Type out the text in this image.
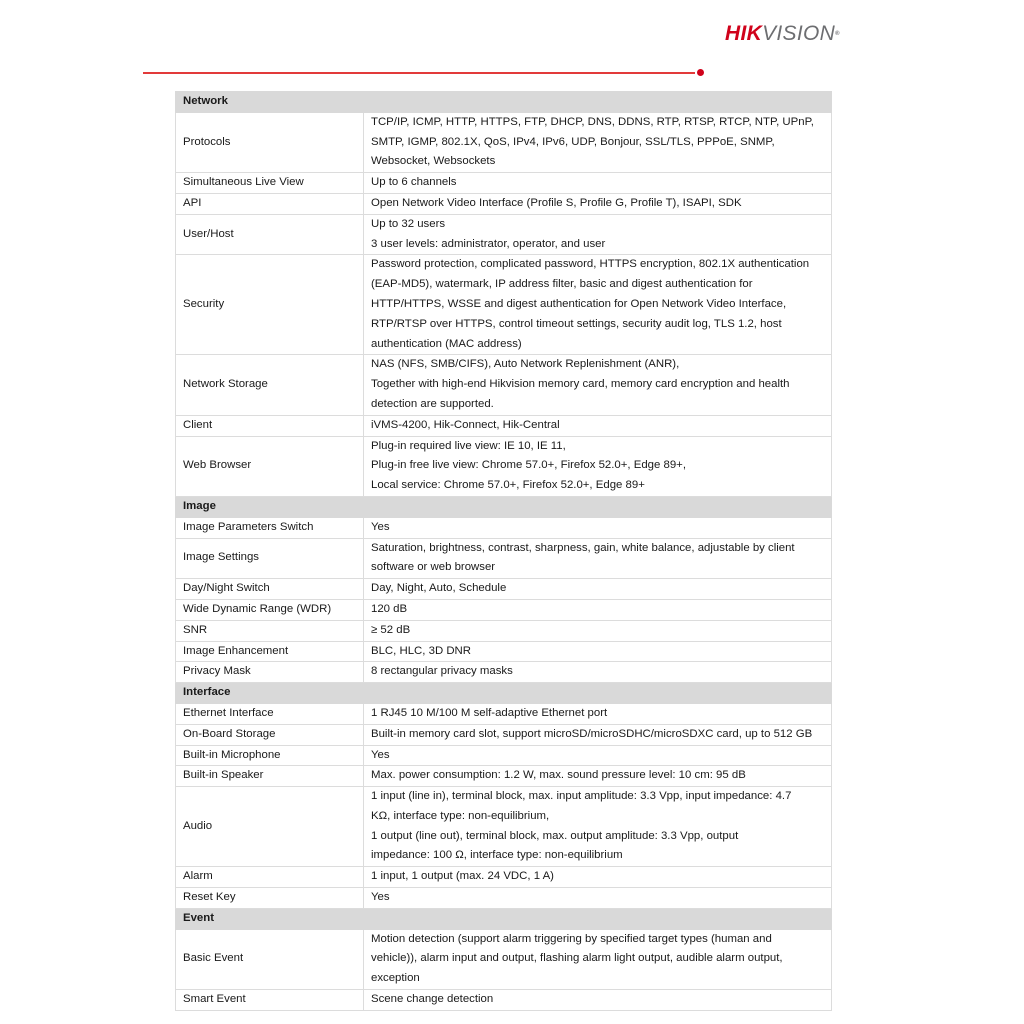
HIKVISION®
Network	
Protocols	TCP/IP, ICMP, HTTP, HTTPS, FTP, DHCP, DNS, DDNS, RTP, RTSP, RTCP, NTP, UPnP,
SMTP, IGMP, 802.1X, QoS, IPv4, IPv6, UDP, Bonjour, SSL/TLS, PPPoE, SNMP,
Websocket, Websockets

Simultaneous Live View	Up to 6 channels

API	Open Network Video Interface (Profile S, Profile G, Profile T), ISAPI, SDK

User/Host	Up to 32 users
3 user levels: administrator, operator, and user

Security	Password protection, complicated password, HTTPS encryption, 802.1X authentication
(EAP-MD5), watermark, IP address filter, basic and digest authentication for
HTTP/HTTPS, WSSE and digest authentication for Open Network Video Interface,
RTP/RTSP over HTTPS, control timeout settings, security audit log, TLS 1.2, host
authentication (MAC address)

Network Storage	NAS (NFS, SMB/CIFS), Auto Network Replenishment (ANR),
Together with high-end Hikvision memory card, memory card encryption and health
detection are supported.

Client	iVMS-4200, Hik-Connect, Hik-Central

Web Browser	Plug-in required live view: IE 10, IE 11,
Plug-in free live view: Chrome 57.0+, Firefox 52.0+, Edge 89+,
Local service: Chrome 57.0+, Firefox 52.0+, Edge 89+

Image	
Image Parameters Switch	Yes

Image Settings	Saturation, brightness, contrast, sharpness, gain, white balance, adjustable by client
software or web browser

Day/Night Switch	Day, Night, Auto, Schedule

Wide Dynamic Range (WDR)	120 dB

SNR	≥ 52 dB

Image Enhancement	BLC, HLC, 3D DNR

Privacy Mask	8 rectangular privacy masks

Interface	
Ethernet Interface	1 RJ45 10 M/100 M self-adaptive Ethernet port

On-Board Storage	Built-in memory card slot, support microSD/microSDHC/microSDXC card, up to 512 GB

Built-in Microphone	Yes

Built-in Speaker	Max. power consumption: 1.2 W, max. sound pressure level: 10 cm: 95 dB

Audio	1 input (line in), terminal block, max. input amplitude: 3.3 Vpp, input impedance: 4.7
KΩ, interface type: non-equilibrium,
1 output (line out), terminal block, max. output amplitude: 3.3 Vpp, output
impedance: 100 Ω, interface type: non-equilibrium

Alarm	1 input, 1 output (max. 24 VDC, 1 A)

Reset Key	Yes

Event	
Basic Event	Motion detection (support alarm triggering by specified target types (human and
vehicle)), alarm input and output, flashing alarm light output, audible alarm output,
exception

Smart Event	Scene change detection
